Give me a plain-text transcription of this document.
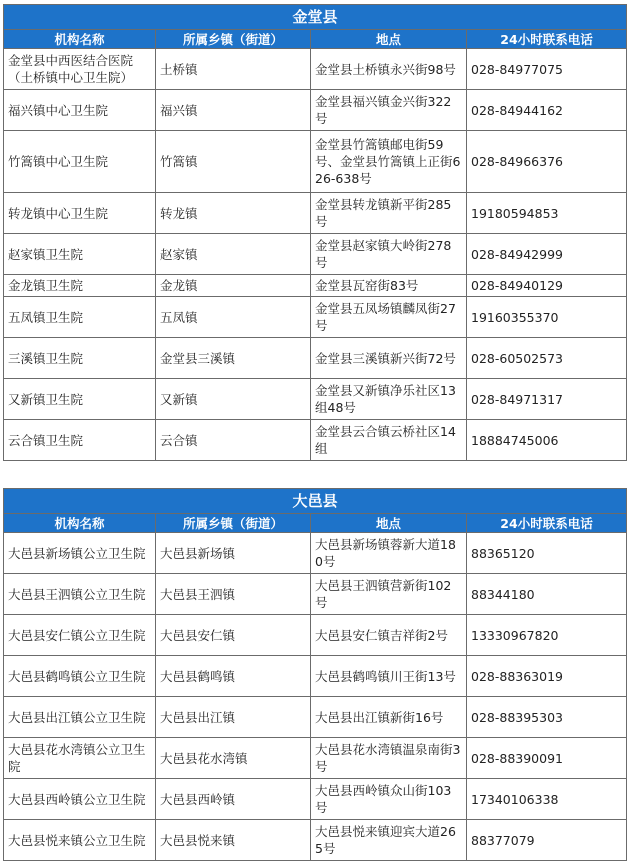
金堂县			
机构名称	所属乡镇（街道）	地点	24小时联系电话
金堂县中西医结合医院（土桥镇中心卫生院）	土桥镇	金堂县土桥镇永兴街98号	028-84977075
福兴镇中心卫生院	福兴镇	金堂县福兴镇金兴街322号	028-84944162
竹篙镇中心卫生院	竹篙镇	金堂县竹篙镇邮电街59号、金堂县竹篙镇上正街626-638号	028-84966376
转龙镇中心卫生院	转龙镇	金堂县转龙镇新平街285号	19180594853
赵家镇卫生院	赵家镇	金堂县赵家镇大岭街278号	028-84942999
金龙镇卫生院	金龙镇	金堂县瓦窑街83号	028-84940129
五凤镇卫生院	五凤镇	金堂县五凤场镇麟凤街27号	19160355370
三溪镇卫生院	金堂县三溪镇	金堂县三溪镇新兴街72号	028-60502573
又新镇卫生院	又新镇	金堂县又新镇净乐社区13组48号	028-84971317
云合镇卫生院	云合镇	金堂县云合镇云桥社区14组	18884745006
大邑县			
机构名称	所属乡镇（街道）	地点	24小时联系电话
大邑县新场镇公立卫生院	大邑县新场镇	大邑县新场镇蓉新大道180号	88365120
大邑县王泗镇公立卫生院	大邑县王泗镇	大邑县王泗镇营新街102号	88344180
大邑县安仁镇公立卫生院	大邑县安仁镇	大邑县安仁镇吉祥街2号	13330967820
大邑县鹤鸣镇公立卫生院	大邑县鹤鸣镇	大邑县鹤鸣镇川王街13号	028-88363019
大邑县出江镇公立卫生院	大邑县出江镇	大邑县出江镇新街16号	028-88395303
大邑县花水湾镇公立卫生院	大邑县花水湾镇	大邑县花水湾镇温泉南街3号	028-88390091
大邑县西岭镇公立卫生院	大邑县西岭镇	大邑县西岭镇众山街103号	17340106338
大邑县悦来镇公立卫生院	大邑县悦来镇	大邑县悦来镇迎宾大道265号	88377079
